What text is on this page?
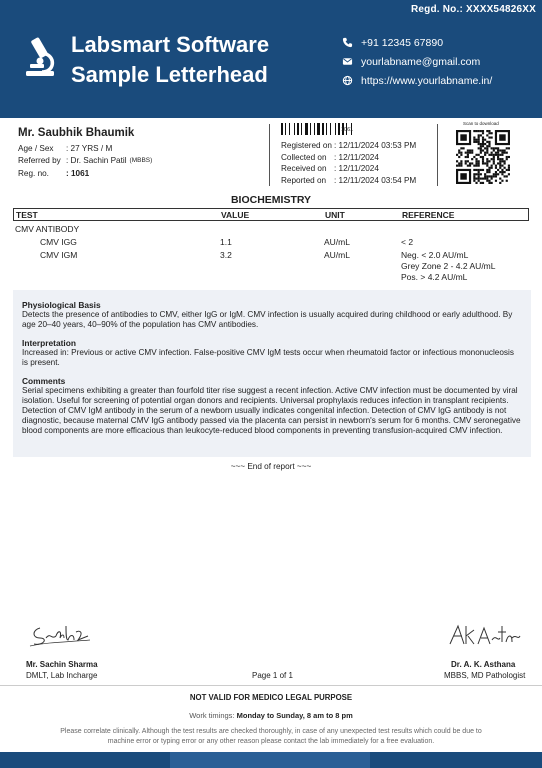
Regd. No.: XXXX54826XX
Labsmart Software
Sample Letterhead
+91 12345 67890
yourlabname@gmail.com
https://www.yourlabname.in/
Mr. Saubhik Bhaumik
Age / Sex	: 27 YRS / M
Referred by : Dr. Sachin Patil (MBBS)
Reg. no.	: 1061
1061
Registered on : 12/11/2024 03:53 PM
Collected on : 12/11/2024
Received on : 12/11/2024
Reported on : 12/11/2024 03:54 PM
Scan to download
BIOCHEMISTRY
TEST	VALUE	UNIT	REFERENCE
CMV ANTIBODY
CMV IGG	1.1	AU/mL	< 2
CMV IGM	3.2	AU/mL	Neg. < 2.0 AU/mL
Grey Zone 2 - 4.2 AU/mL
Pos. > 4.2 AU/mL
Physiological Basis
Detects the presence of antibodies to CMV, either IgG or IgM. CMV infection is usually acquired during childhood or early adulthood. By age 20–40 years, 40–90% of the population has CMV antibodies.
Interpretation
Increased in: Previous or active CMV infection. False-positive CMV IgM tests occur when rheumatoid factor or infectious mononucleosis is present.
Comments
Serial specimens exhibiting a greater than fourfold titer rise suggest a recent infection. Active CMV infection must be documented by viral isolation. Useful for screening of potential organ donors and recipients. Universal prophylaxis reduces infection in transplant recipients. Detection of CMV IgM antibody in the serum of a newborn usually indicates congenital infection. Detection of CMV IgG antibody is not diagnostic, because maternal CMV IgG antibody passed via the placenta can persist in newborn's serum for 6 months. CMV seronegative blood components are more efficacious than leukocyte-reduced blood components in preventing transfusion-acquired CMV infection.
~~~ End of report ~~~
Mr. Sachin Sharma
DMLT, Lab Incharge	Page 1 of 1
Dr. A. K. Asthana
MBBS, MD Pathologist
NOT VALID FOR MEDICO LEGAL PURPOSE
Work timings: Monday to Sunday, 8 am to 8 pm
Please correlate clinically. Although the test results are checked thoroughly, in case of any unexpected test results which could be due to machine error or typing error or any other reason please contact the lab immediately for a free evaluation.
